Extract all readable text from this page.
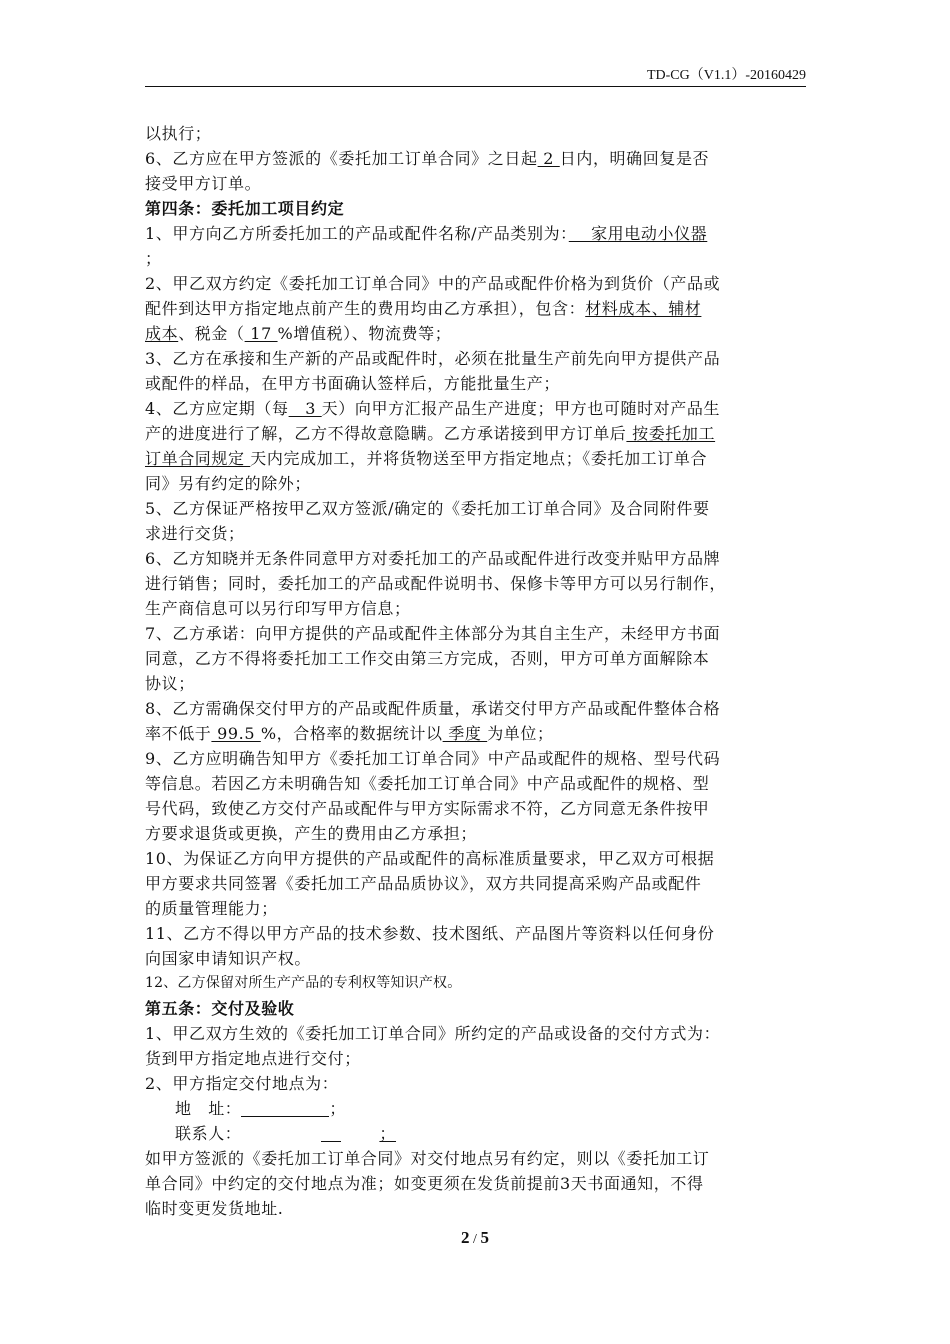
TD-CG（V1.1）-20160429

以执行；

6、乙方应在甲方签派的《委托加工订单合同》之日起 2 日内，明确回复是否

接受甲方订单。

第四条：委托加工项目约定

1、甲方向乙方所委托加工的产品或配件名称/产品类别为：　 家用电动小仪器

；

2、甲乙双方约定《委托加工订单合同》中的产品或配件价格为到货价（产品或

配件到达甲方指定地点前产生的费用均由乙方承担），包含：材料成本、辅材

成本、税金（ 17 %增值税）、物流费等；

3、乙方在承接和生产新的产品或配件时，必须在批量生产前先向甲方提供产品

或配件的样品，在甲方书面确认签样后，方能批量生产；

4、乙方应定期（每　3 天）向甲方汇报产品生产进度；甲方也可随时对产品生

产的进度进行了解，乙方不得故意隐瞒。乙方承诺接到甲方订单后 按委托加工

订单合同规定 天内完成加工，并将货物送至甲方指定地点；《委托加工订单合

同》另有约定的除外；

5、乙方保证严格按甲乙双方签派/确定的《委托加工订单合同》及合同附件要

求进行交货；

6、乙方知晓并无条件同意甲方对委托加工的产品或配件进行改变并贴甲方品牌

进行销售；同时，委托加工的产品或配件说明书、保修卡等甲方可以另行制作，

生产商信息可以另行印写甲方信息；

7、乙方承诺：向甲方提供的产品或配件主体部分为其自主生产，未经甲方书面

同意，乙方不得将委托加工工作交由第三方完成，否则，甲方可单方面解除本

协议；

8、乙方需确保交付甲方的产品或配件质量，承诺交付甲方产品或配件整体合格

率不低于 99.5 %，合格率的数据统计以 季度 为单位；

9、乙方应明确告知甲方《委托加工订单合同》中产品或配件的规格、型号代码

等信息。若因乙方未明确告知《委托加工订单合同》中产品或配件的规格、型

号代码，致使乙方交付产品或配件与甲方实际需求不符，乙方同意无条件按甲

方要求退货或更换，产生的费用由乙方承担；

10、为保证乙方向甲方提供的产品或配件的高标准质量要求，甲乙双方可根据

甲方要求共同签署《委托加工产品品质协议》，双方共同提高采购产品或配件

的质量管理能力；

11、乙方不得以甲方产品的技术参数、技术图纸、产品图片等资料以任何身份

向国家申请知识产权。

12、乙方保留对所生产产品的专利权等知识产权。

第五条：交付及验收

1、甲乙双方生效的《委托加工订单合同》所约定的产品或设备的交付方式为：

货到甲方指定地点进行交付；

2、甲方指定交付地点为：

地　址：	；

联系人：	；

如甲方签派的《委托加工订单合同》对交付地点另有约定，则以《委托加工订

单合同》中约定的交付地点为准；如变更须在发货前提前3天书面通知，不得

临时变更发货地址.

2 / 5
